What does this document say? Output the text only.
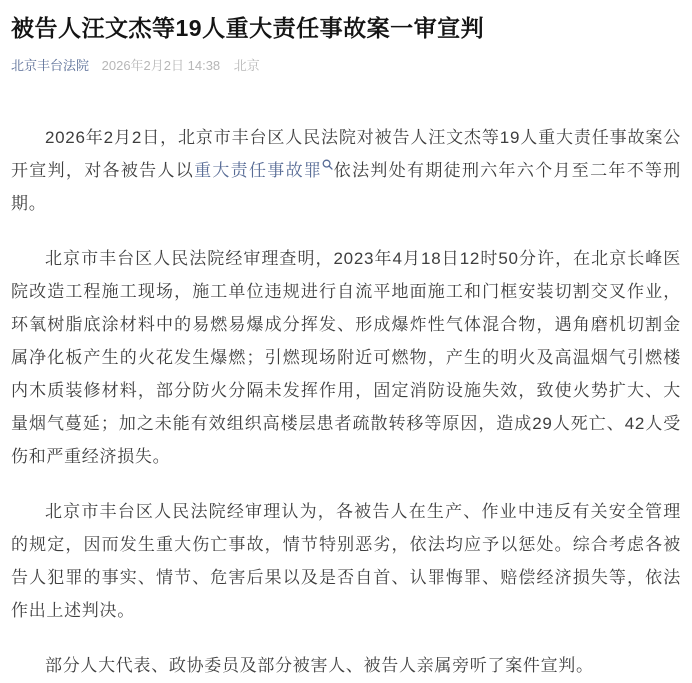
被告人汪文杰等19人重大责任事故案一审宣判
北京丰台法院 2026年2月2日 14:38 北京

2026年2月2日，北京市丰台区人民法院对被告人汪文杰等19人重大责任事故案公开宣判，对各被告人以重大责任事故罪 依法判处有期徒刑六年六个月至二年不等刑期。

北京市丰台区人民法院经审理查明，2023年4月18日12时50分许，在北京长峰医院改造工程施工现场，施工单位违规进行自流平地面施工和门框安装切割交叉作业，环氧树脂底涂材料中的易燃易爆成分挥发、形成爆炸性气体混合物，遇角磨机切割金属净化板产生的火花发生爆燃；引燃现场附近可燃物，产生的明火及高温烟气引燃楼内木质装修材料，部分防火分隔未发挥作用，固定消防设施失效，致使火势扩大、大量烟气蔓延；加之未能有效组织高楼层患者疏散转移等原因，造成29人死亡、42人受伤和严重经济损失。

北京市丰台区人民法院经审理认为，各被告人在生产、作业中违反有关安全管理的规定，因而发生重大伤亡事故，情节特别恶劣，依法均应予以惩处。综合考虑各被告人犯罪的事实、情节、危害后果以及是否自首、认罪悔罪、赔偿经济损失等，依法作出上述判决。

部分人大代表、政协委员及部分被害人、被告人亲属旁听了案件宣判。
